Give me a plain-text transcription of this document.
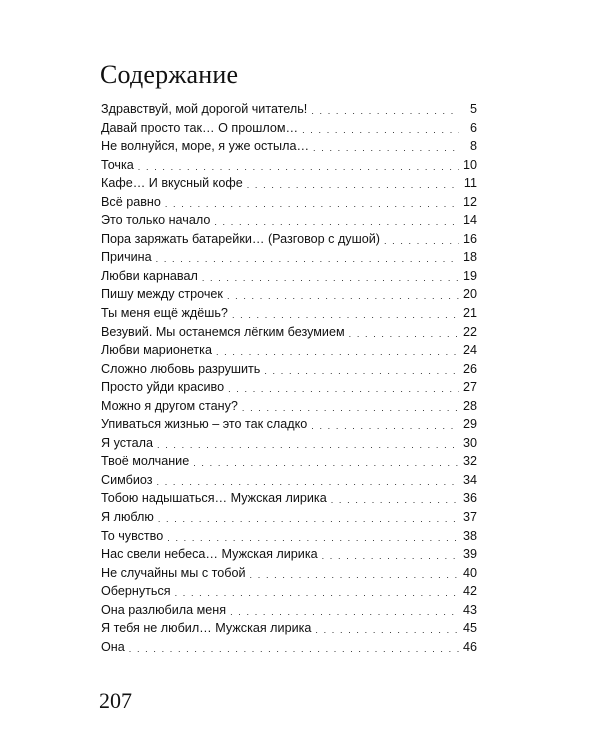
Содержание
Здравствуй, мой дорогой читатель! . . .	5
Давай просто так… О прошлом… . . .	6
Не волнуйся, море, я уже остыла… . . .	8
Точка . . .	10
Кафе… И вкусный кофе . . .	11
Всё равно . . .	12
Это только начало . . .	14
Пора заряжать батарейки… (Разговор с душой) . . .	16
Причина . . .	18
Любви карнавал . . .	19
Пишу между строчек . . .	20
Ты меня ещё ждёшь? . . .	21
Везувий. Мы останемся лёгким безумием . . .	22
Любви марионетка . . .	24
Сложно любовь разрушить . . .	26
Просто уйди красиво . . .	27
Можно я другом стану? . . .	28
Упиваться жизнью – это так сладко . . .	29
Я устала . . .	30
Твоё молчание . . .	32
Симбиоз . . .	34
Тобою надышаться… Мужская лирика . . .	36
Я люблю . . .	37
То чувство . . .	38
Нас свели небеса… Мужская лирика . . .	39
Не случайны мы с тобой . . .	40
Обернуться . . .	42
Она разлюбила меня . . .	43
Я тебя не любил… Мужская лирика . . .	45
Она . . .	46
207
